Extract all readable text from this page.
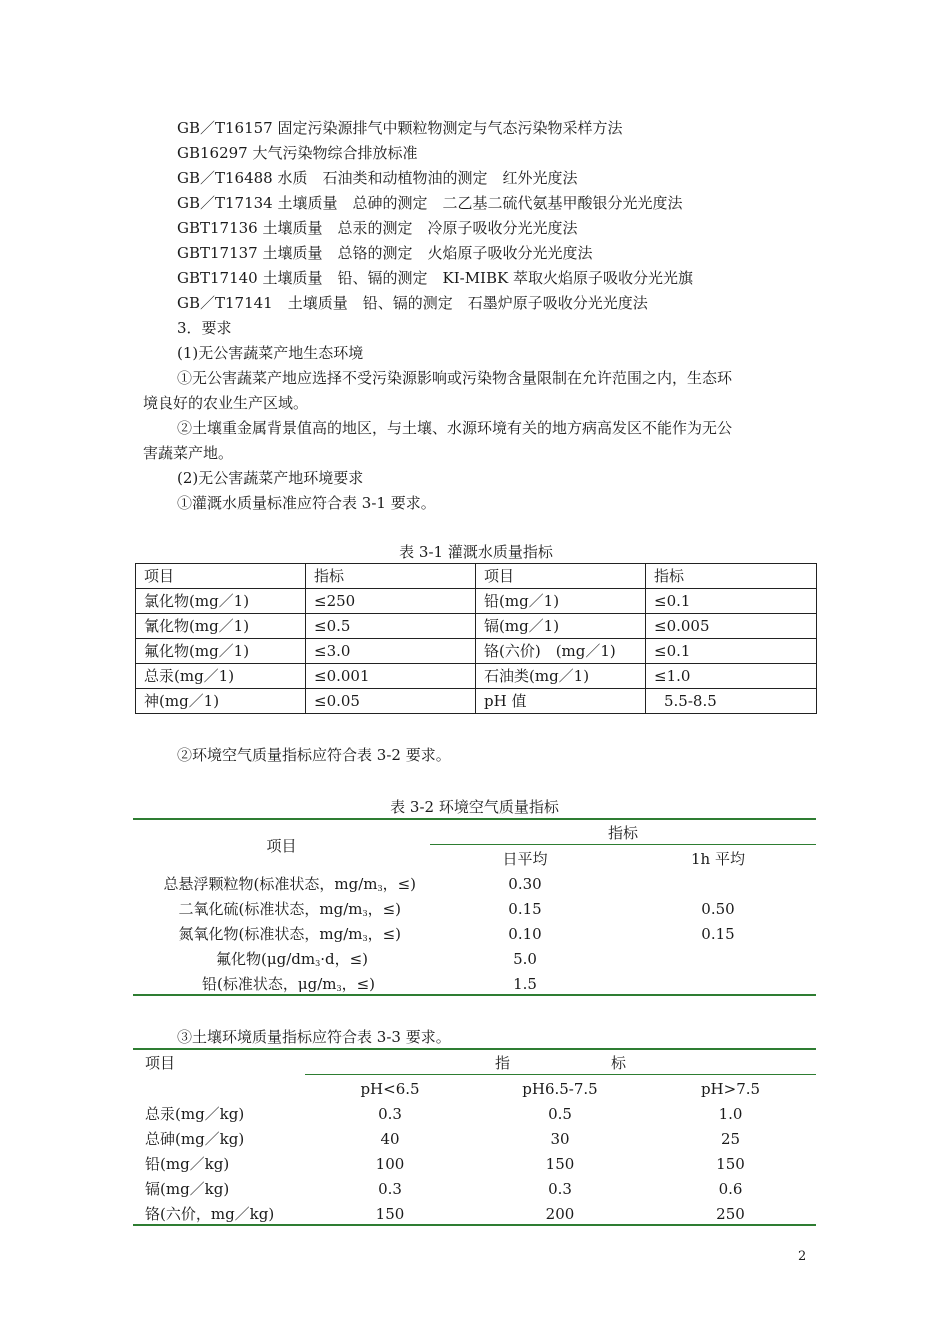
GB／T16157 固定污染源排气中颗粒物测定与气态污染物采样方法
GB16297 大气污染物综合排放标准
GB／T16488 水质　石油类和动植物油的测定　红外光度法
GB／T17134 土壤质量　总砷的测定　二乙基二硫代氨基甲酸银分光光度法
GBT17136 土壤质量　总汞的测定　冷原子吸收分光光度法
GBT17137 土壤质量　总铬的测定　火焰原子吸收分光光度法
GBT17140 土壤质量　铅、镉的测定　KI-MIBK 萃取火焰原子吸收分光光旗
GB／T17141　土壤质量　铅、镉的测定　石墨炉原子吸收分光光度法
3．要求
(1)无公害蔬菜产地生态环境
①无公害蔬菜产地应选择不受污染源影响或污染物含量限制在允许范围之内，生态环
境良好的农业生产区域。
②土壤重金属背景值高的地区，与土壤、水源环境有关的地方病高发区不能作为无公
害蔬菜产地。
(2)无公害蔬菜产地环境要求
①灌溉水质量标准应符合表 3-1 要求。
表 3-1 灌溉水质量指标
项目	指标	项目	指标
氯化物(mg／1)	≤250	铅(mg／1)	≤0.1
氰化物(mg／1)	≤0.5	镉(mg／1)	≤0.005
氟化物(mg／1)	≤3.0	铬(六价)　(mg／1)	≤0.1
总汞(mg／1)	≤0.001	石油类(mg／1)	≤1.0
神(mg／1)	≤0.05	pH 值	5.5-8.5
②环境空气质量指标应符合表 3-2 要求。
表 3-2 环境空气质量指标
项目
指标
日平均	1h 平均
总悬浮颗粒物(标准状态，$mg/m^3$，≤)	0.30
二氧化硫(标准状态，$mg/m^3$，≤)	0.15	0.50
氮氧化物(标准状态，$mg/m^3$，≤)	0.10	0.15
氟化物($\mu g/dm^3\cdot d$，≤)	5.0
铅(标准状态，$\mu g/m^3$，≤)	1.5
③土壤环境质量指标应符合表 3-3 要求。
项目	指	标
pH<6.5	pH6.5-7.5	pH>7.5
总汞(mg／kg)	0.3	0.5	1.0
总砷(mg／kg)	40	30	25
铅(mg／kg)	100	150	150
镉(mg／kg)	0.3	0.3	0.6
铬(六价，mg／kg)	150	200	250
2
